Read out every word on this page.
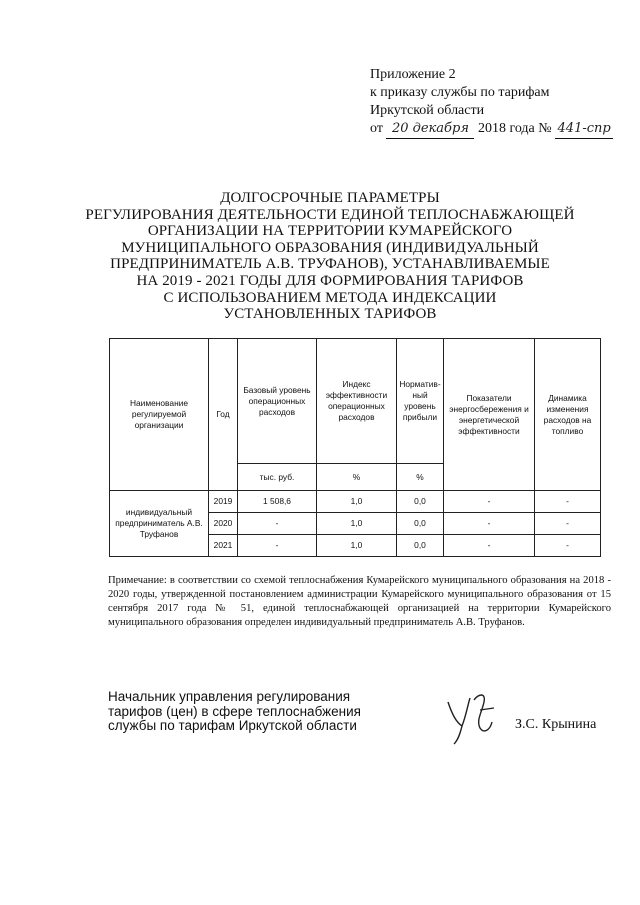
Приложение 2
к приказу службы по тарифам
Иркутской области
от 20 декабря 2018 года № 441-спр
ДОЛГОСРОЧНЫЕ ПАРАМЕТРЫ
РЕГУЛИРОВАНИЯ ДЕЯТЕЛЬНОСТИ ЕДИНОЙ ТЕПЛОСНАБЖАЮЩЕЙ
ОРГАНИЗАЦИИ НА ТЕРРИТОРИИ КУМАРЕЙСКОГО
МУНИЦИПАЛЬНОГО ОБРАЗОВАНИЯ (ИНДИВИДУАЛЬНЫЙ
ПРЕДПРИНИМАТЕЛЬ А.В. ТРУФАНОВ), УСТАНАВЛИВАЕМЫЕ
НА 2019 - 2021 ГОДЫ ДЛЯ ФОРМИРОВАНИЯ ТАРИФОВ
С ИСПОЛЬЗОВАНИЕМ МЕТОДА ИНДЕКСАЦИИ
УСТАНОВЛЕННЫХ ТАРИФОВ
Наименование регулируемой организации	Год	Базовый уровень операционных расходов	Индекс эффективности операционных расходов	Нормативный уровень прибыли	Показатели энергосбережения и энергетической эффективности	Динамика изменения расходов на топливо
		тыс. руб.	%	%		
индивидуальный предприниматель А.В. Труфанов	2019	1 508,6	1,0	0,0	-	-
	2020	-	1,0	0,0	-	-
	2021	-	1,0	0,0	-	-
Примечание: в соответствии со схемой теплоснабжения Кумарейского муниципального образования на 2018 - 2020 годы, утвержденной постановлением администрации Кумарейского муниципального образования от 15 сентября 2017 года № 51, единой теплоснабжающей организацией на территории Кумарейского муниципального образования определен индивидуальный предприниматель А.В. Труфанов.
Начальник управления регулирования
тарифов (цен) в сфере теплоснабжения
службы по тарифам Иркутской области	З.С. Крынина
